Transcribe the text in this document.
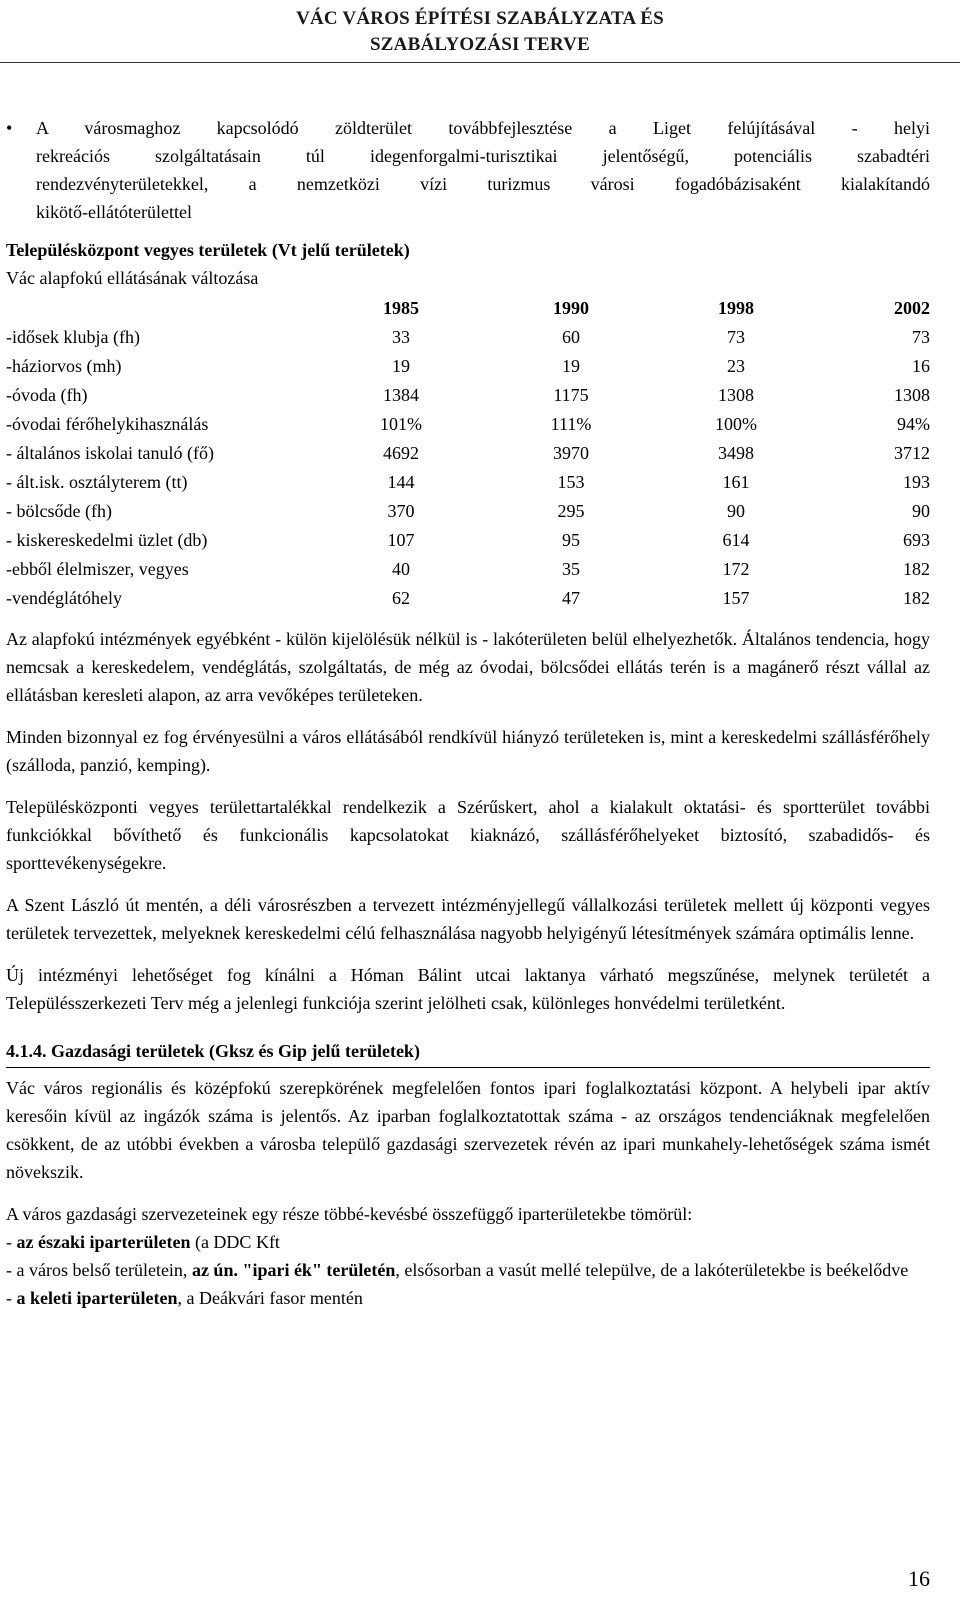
VÁC VÁROS ÉPÍTÉSI SZABÁLYZATA ÉS
SZABÁLYOZÁSI TERVE
• A városmaghoz kapcsolódó zöldterület továbbfejlesztése a Liget felújításával - helyi
rekreációs szolgáltatásain túl idegenforgalmi-turisztikai jelentőségű, potenciális szabadtéri
rendezvényterületekkel, a nemzetközi vízi turizmus városi fogadóbázisaként kialakítandó
kikötő-ellátóterülettel

Településközpont vegyes területek (Vt jelű területek)

Vác alapfokú ellátásának változása

	1985	1990	1998	2002
-idősek klubja (fh)	33	60	73	73
-háziorvos (mh)	19	19	23	16
-óvoda (fh)	1384	1175	1308	1308
-óvodai férőhelykihasználás	101%	111%	100%	94%
- általános iskolai tanuló (fő)	4692	3970	3498	3712
- ált.isk. osztályterem (tt)	144	153	161	193
- bölcsőde (fh)	370	295	90	90
- kiskereskedelmi üzlet (db)	107	95	614	693
-ebből élelmiszer, vegyes	40	35	172	182
-vendéglátóhely	62	47	157	182

Az alapfokú intézmények egyébként - külön kijelölésük nélkül is - lakóterületen belül elhelyezhetők. Általános tendencia, hogy nemcsak a kereskedelem, vendéglátás, szolgáltatás, de még az óvodai, bölcsődei ellátás terén is a magánerő részt vállal az ellátásban keresleti alapon, az arra vevőképes területeken.

Minden bizonnyal ez fog érvényesülni a város ellátásából rendkívül hiányzó területeken is, mint a kereskedelmi szállásférőhely (szálloda, panzió, kemping).

Településközponti vegyes területtartalékkal rendelkezik a Szérűskert, ahol a kialakult oktatási- és sportterület további funkciókkal bővíthető és funkcionális kapcsolatokat kiaknázó, szállásférőhelyeket biztosító, szabadidős- és sporttevékenységekre.

A Szent László út mentén, a déli városrészben a tervezett intézményjellegű vállalkozási területek mellett új központi vegyes területek tervezettek, melyeknek kereskedelmi célú felhasználása nagyobb helyigényű létesítmények számára optimális lenne.

Új intézményi lehetőséget fog kínálni a Hóman Bálint utcai laktanya várható megszűnése, melynek területét a Településszerkezeti Terv még a jelenlegi funkciója szerint jelölheti csak, különleges honvédelmi területként.

4.1.4. Gazdasági területek (Gksz és Gip jelű területek)

Vác város regionális és középfokú szerepkörének megfelelően fontos ipari foglalkoztatási központ. A helybeli ipar aktív keresőin kívül az ingázók száma is jelentős. Az iparban foglalkoztatottak száma - az országos tendenciáknak megfelelően csökkent, de az utóbbi években a városba települő gazdasági szervezetek révén az ipari munkahely-lehetőségek száma ismét növekszik.

A város gazdasági szervezeteinek egy része többé-kevésbé összefüggő iparterületekbe tömörül:

- az északi iparterületen (a DDC Kft

- a város belső területein, az ún. "ipari ék" területén, elsősorban a vasút mellé települve, de a lakóterületekbe is beékelődve

- a keleti iparterületen, a Deákvári fasor mentén

16
